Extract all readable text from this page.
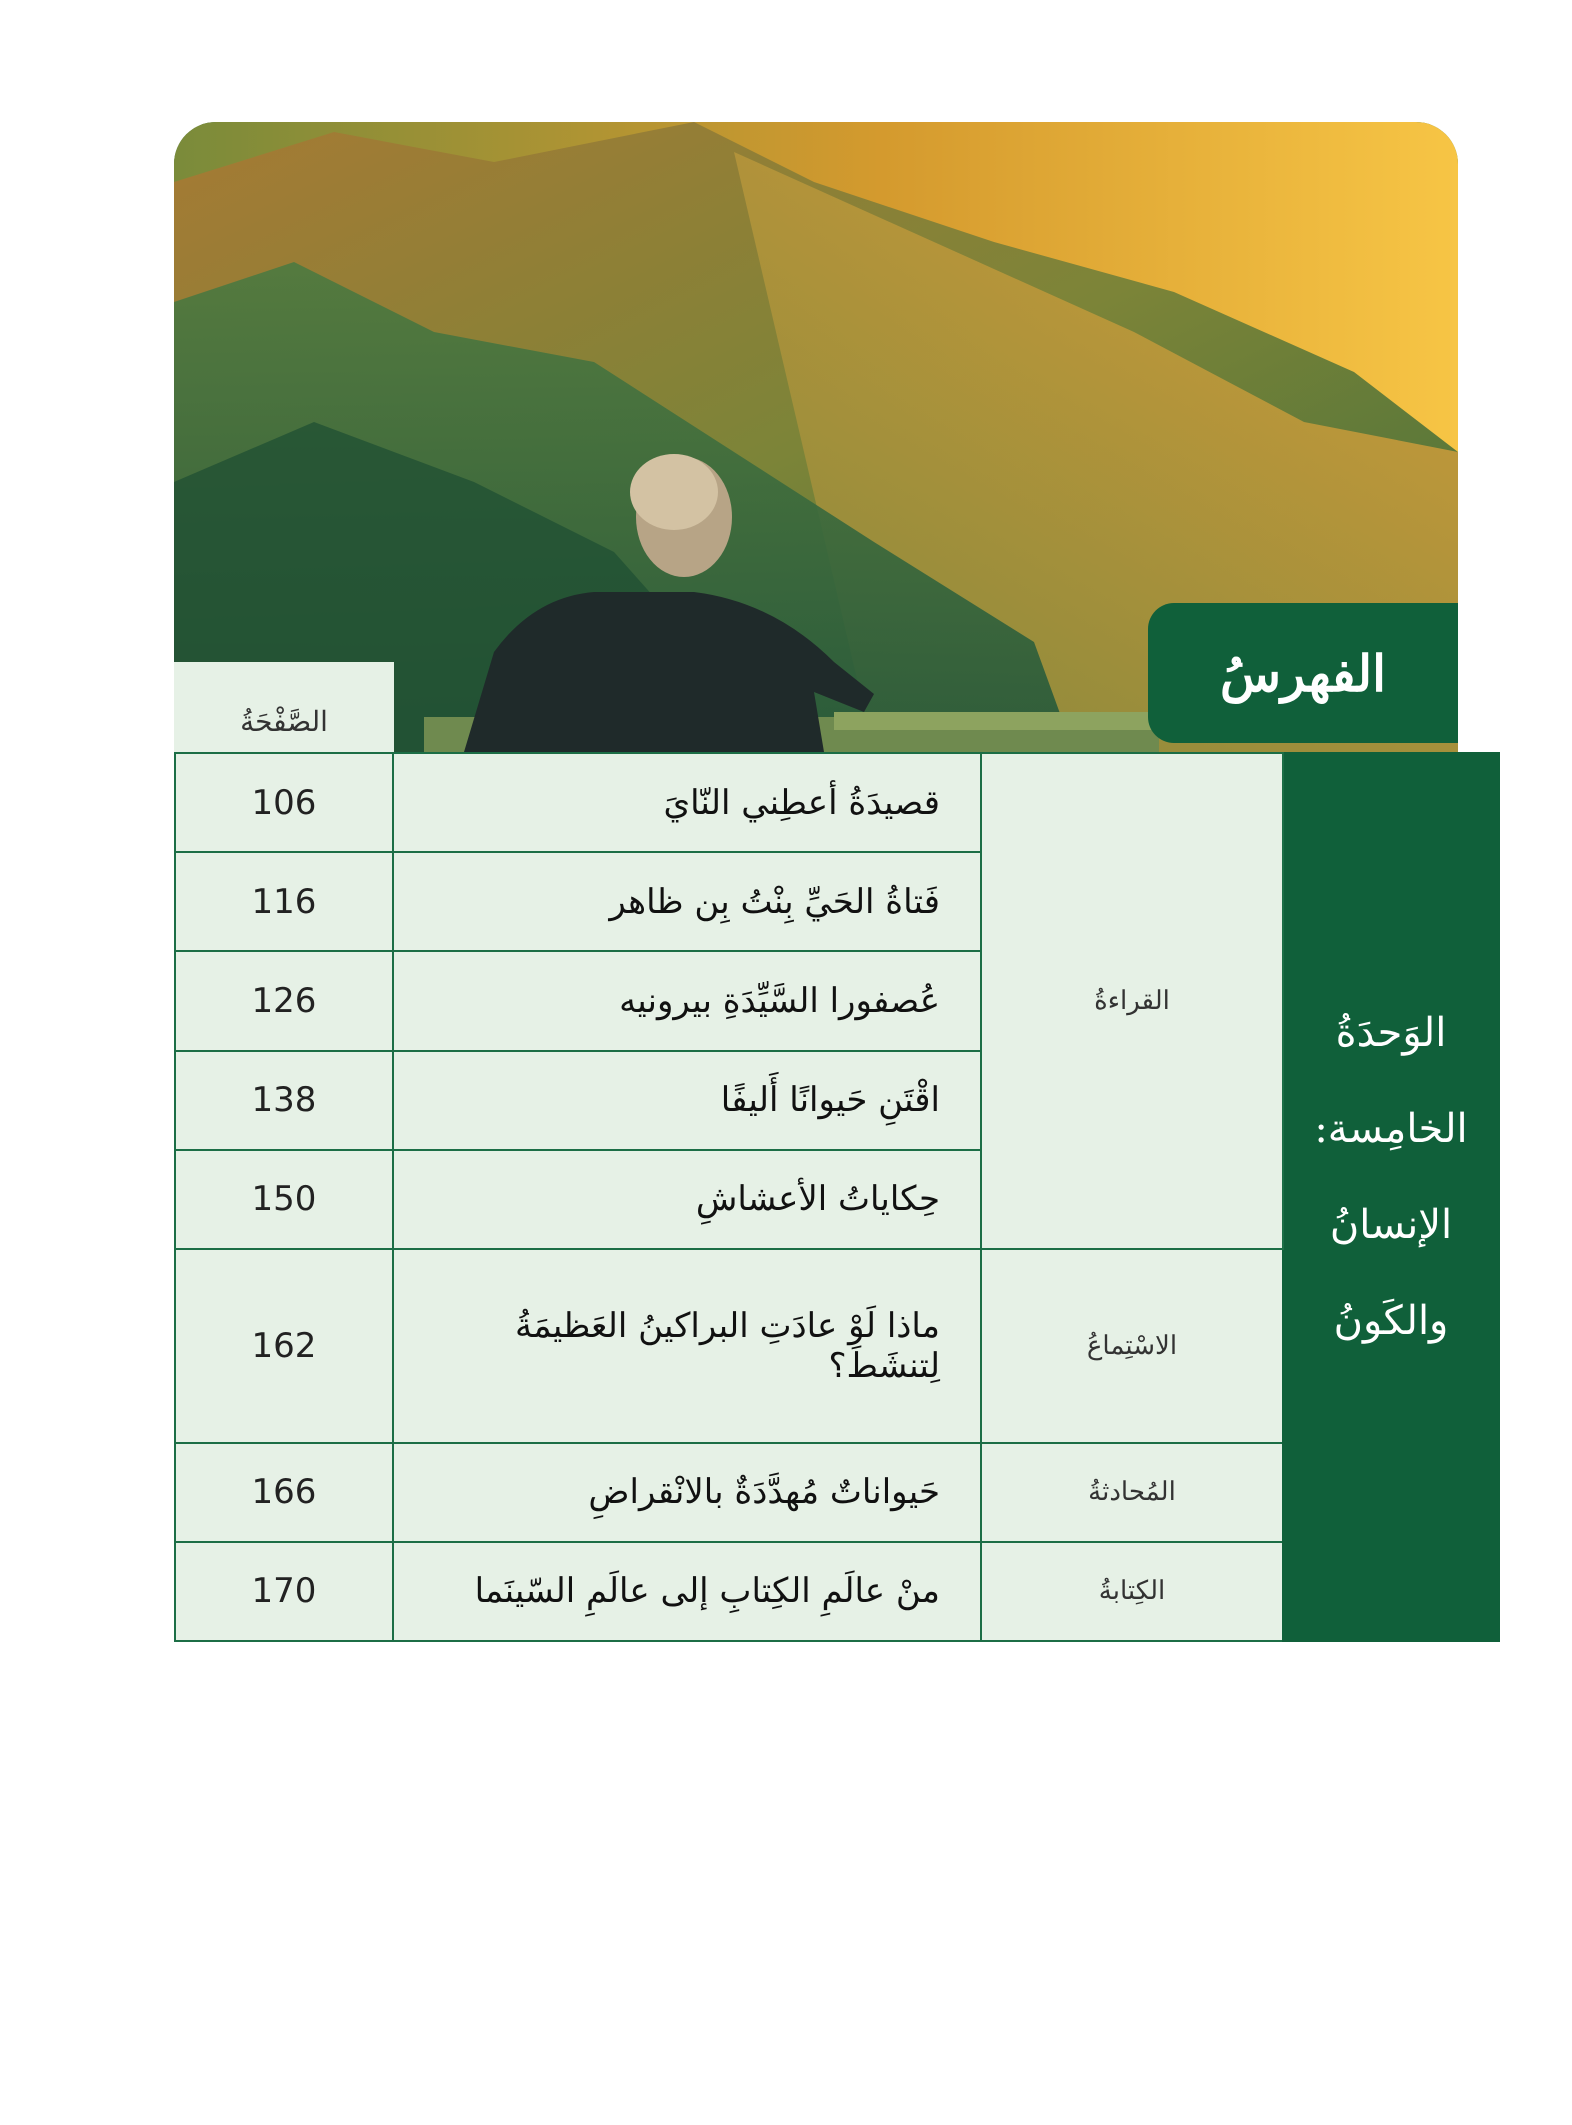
الفهرسُ
الصَّفْحَةُ
106	قصيدَةُ أعطِني النّايَ	القراءةُ	الوَحدَةُ الخامِسة: الإنسانُ والكَونُ
116	فَتاةُ الحَيِّ بِنْتُ بِن ظاهر		
126	عُصفورا السَّيِّدَةِ بيرونيه		
138	اقْتَنِ حَيوانًا أَليفًا		
150	حِكاياتُ الأعشاشِ		
162	ماذا لَوْ عادَتِ البراكينُ العَظيمَةُ لِتنشَطَ؟	الاسْتِماعُ	
166	حَيواناتٌ مُهدَّدَةٌ بالانْقراضِ	المُحادثةُ	
170	منْ عالَمِ الكِتابِ إلى عالَمِ السّينَما	الكِتابةُ	
